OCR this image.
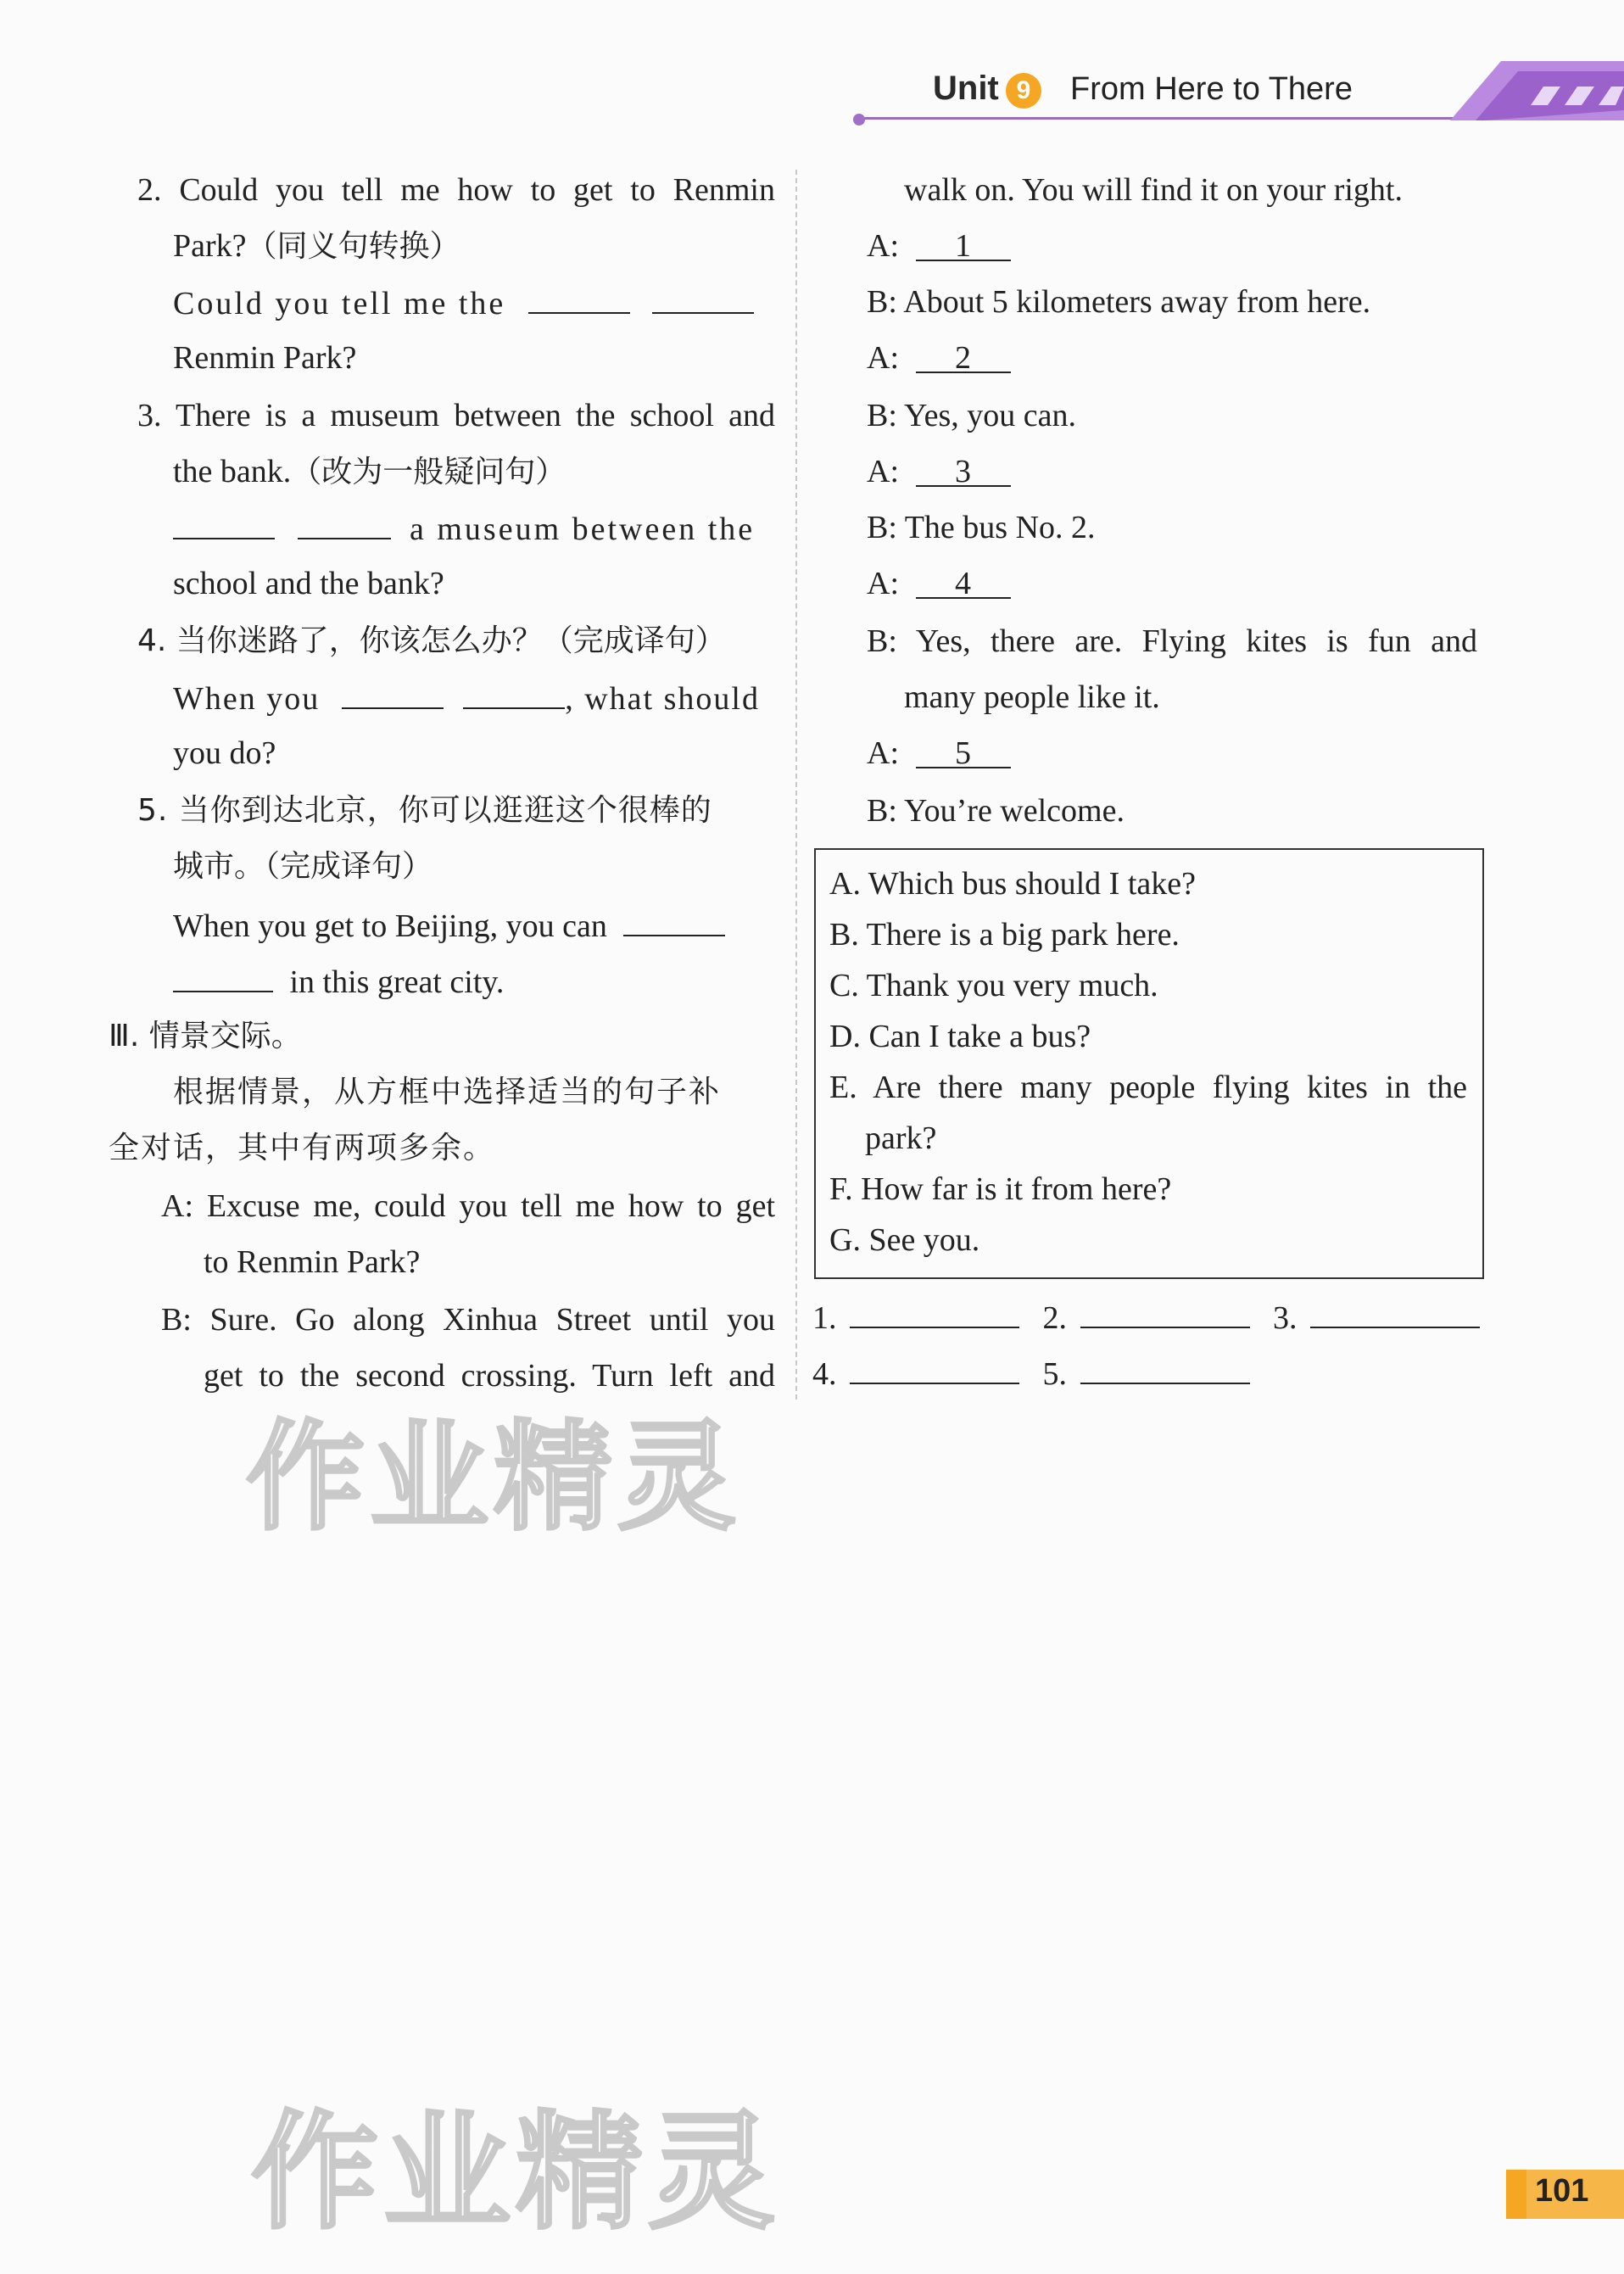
Unit 9	From Here to There
2. Could you tell me how to get to Renmin
Park?（同义句转换）
Could you tell me the
Renmin Park?
3. There is a museum between the school and
the bank.（改为一般疑问句）
a museum between the
school and the bank?
4. 当你迷路了，你该怎么办？（完成译句）
When you	, what should
you do?
5. 当你到达北京，你可以逛逛这个很棒的
城市。（完成译句）
When you get to Beijing, you can
in this great city.
Ⅲ. 情景交际。
根据情景，从方框中选择适当的句子补
全对话，其中有两项多余。
A: Excuse me, could you tell me how to get
to Renmin Park?
B: Sure. Go along Xinhua Street until you
get to the second crossing. Turn left and
walk on. You will find it on your right.
A: 1
B: About 5 kilometers away from here.
A: 2
B: Yes, you can.
A: 3
B: The bus No. 2.
A: 4
B: Yes, there are. Flying kites is fun and
many people like it.
A: 5
B: You’re welcome.
A. Which bus should I take?
B. There is a big park here.
C. Thank you very much.
D. Can I take a bus?
E. Are there many people flying kites in the
park?
F. How far is it from here?
G. See you.
1.	2.	3.
4.	5.
作业精灵
作业精灵	101
